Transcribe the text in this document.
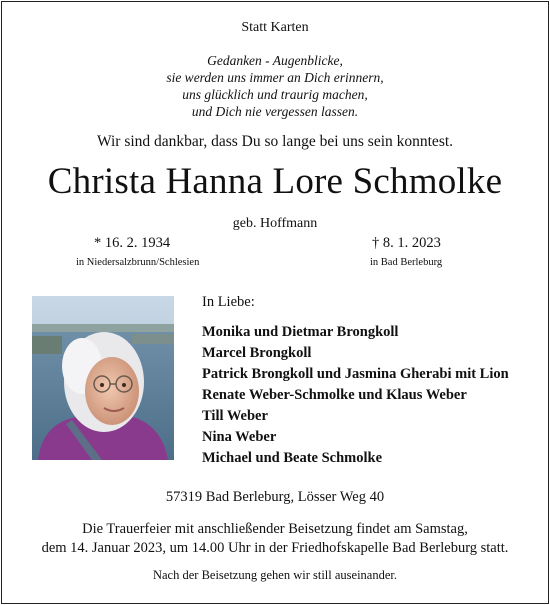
Statt Karten
Gedanken - Augenblicke,
sie werden uns immer an Dich erinnern,
uns glücklich und traurig machen,
und Dich nie vergessen lassen.
Wir sind dankbar, dass Du so lange bei uns sein konntest.
Christa Hanna Lore Schmolke
geb. Hoffmann
* 16. 2. 1934	† 8. 1. 2023
in Niedersalzbrunn/Schlesien	in Bad Berleburg
In Liebe:
Monika und Dietmar Brongkoll
Marcel Brongkoll
Patrick Brongkoll und Jasmina Gherabi mit Lion
Renate Weber-Schmolke und Klaus Weber
Till Weber
Nina Weber
Michael und Beate Schmolke
57319 Bad Berleburg, Lösser Weg 40
Die Trauerfeier mit anschließender Beisetzung findet am Samstag,
dem 14. Januar 2023, um 14.00 Uhr in der Friedhofskapelle Bad Berleburg statt.
Nach der Beisetzung gehen wir still auseinander.
